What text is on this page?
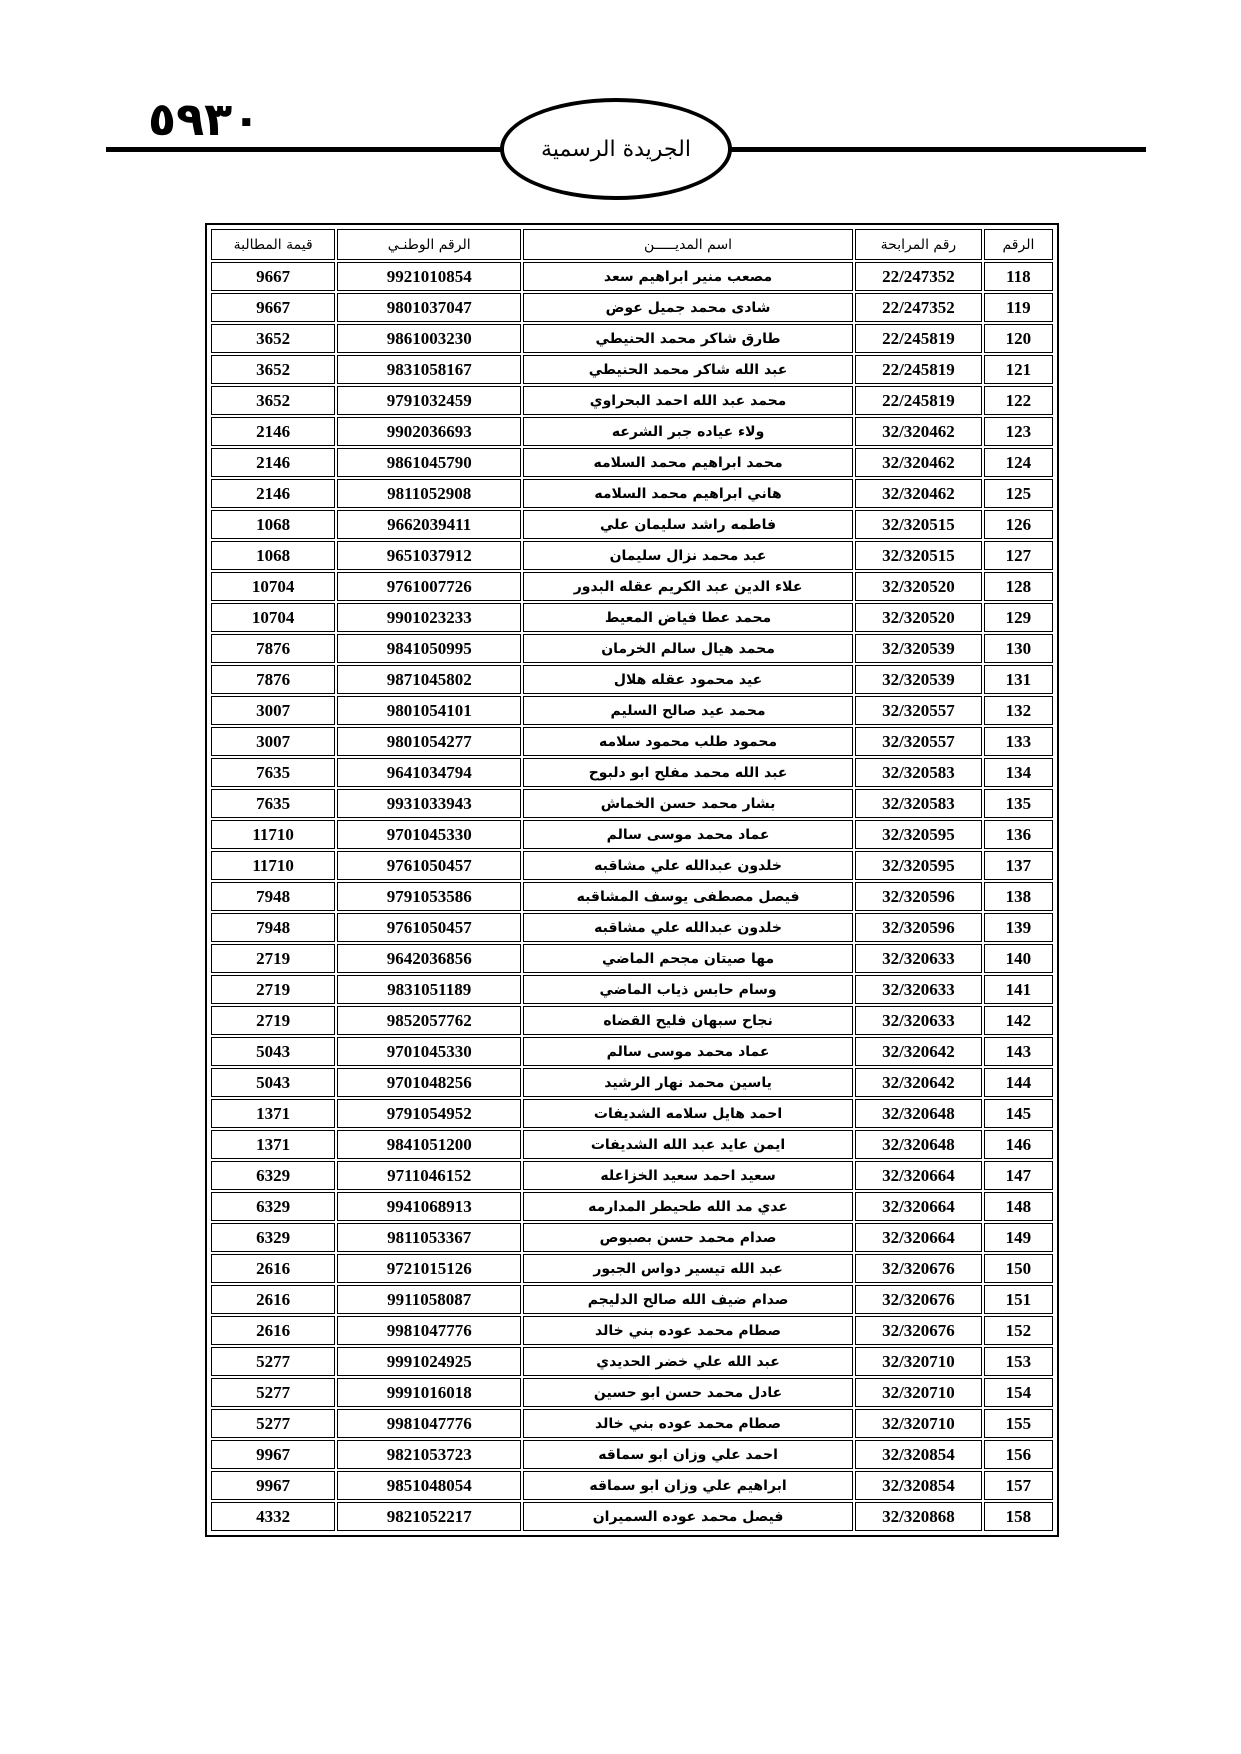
٥٩٣٠
الجريدة الرسمية
الرقم	رقم المرابحة	اسم المديـــــن	الرقم الوطنـي	قيمة المطالبة
118	22/247352	مصعب منير ابراهيم سعد	9921010854	9667
119	22/247352	شادى محمد جميل عوض	9801037047	9667
120	22/245819	طارق شاكر محمد الحنيطي	9861003230	3652
121	22/245819	عبد الله شاكر محمد الحنيطي	9831058167	3652
122	22/245819	محمد عبد الله احمد البحراوي	9791032459	3652
123	32/320462	ولاء عياده جبر الشرعه	9902036693	2146
124	32/320462	محمد ابراهيم محمد السلامه	9861045790	2146
125	32/320462	هاني ابراهيم محمد السلامه	9811052908	2146
126	32/320515	فاطمه راشد سليمان علي	9662039411	1068
127	32/320515	عبد محمد نزال سليمان	9651037912	1068
128	32/320520	علاء الدين عبد الكريم عقله البدور	9761007726	10704
129	32/320520	محمد عطا فياض المعيط	9901023233	10704
130	32/320539	محمد هيال سالم الخرمان	9841050995	7876
131	32/320539	عيد محمود عقله هلال	9871045802	7876
132	32/320557	محمد عيد صالح السليم	9801054101	3007
133	32/320557	محمود طلب محمود سلامه	9801054277	3007
134	32/320583	عبد الله محمد مفلح ابو دلبوح	9641034794	7635
135	32/320583	بشار محمد حسن الخماش	9931033943	7635
136	32/320595	عماد محمد موسى سالم	9701045330	11710
137	32/320595	خلدون عبدالله علي مشاقبه	9761050457	11710
138	32/320596	فيصل مصطفى يوسف المشاقبه	9791053586	7948
139	32/320596	خلدون عبدالله علي مشاقبه	9761050457	7948
140	32/320633	مها صيتان مجحم الماضي	9642036856	2719
141	32/320633	وسام حابس ذياب الماضي	9831051189	2719
142	32/320633	نجاح سبهان فليح القضاه	9852057762	2719
143	32/320642	عماد محمد موسى سالم	9701045330	5043
144	32/320642	ياسين محمد نهار الرشيد	9701048256	5043
145	32/320648	احمد هايل سلامه الشديفات	9791054952	1371
146	32/320648	ايمن عايد عبد الله الشديفات	9841051200	1371
147	32/320664	سعيد احمد سعيد الخزاعله	9711046152	6329
148	32/320664	عدي مد الله طحيطر المدارمه	9941068913	6329
149	32/320664	صدام محمد حسن بصبوص	9811053367	6329
150	32/320676	عبد الله تيسير دواس الجبور	9721015126	2616
151	32/320676	صدام ضيف الله صالح الدليجم	9911058087	2616
152	32/320676	صطام محمد عوده بني خالد	9981047776	2616
153	32/320710	عبد الله علي خضر الحديدي	9991024925	5277
154	32/320710	عادل محمد حسن ابو حسين	9991016018	5277
155	32/320710	صطام محمد عوده بني خالد	9981047776	5277
156	32/320854	احمد علي وزان ابو سماقه	9821053723	9967
157	32/320854	ابراهيم علي وزان ابو سماقه	9851048054	9967
158	32/320868	فيصل محمد عوده السميران	9821052217	4332
